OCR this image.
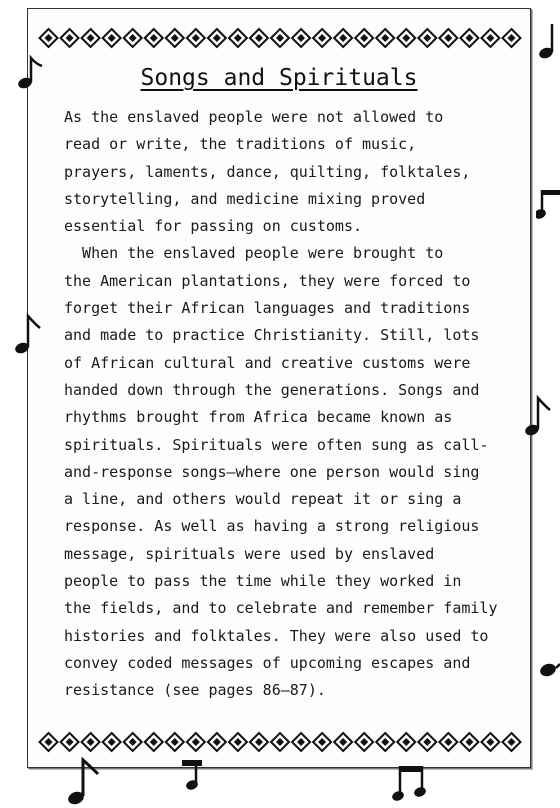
Songs and Spirituals
As the enslaved people were not allowed to
read or write, the traditions of music,
prayers, laments, dance, quilting, folktales,
storytelling, and medicine mixing proved
essential for passing on customs.
When the enslaved people were brought to
the American plantations, they were forced to
forget their African languages and traditions
and made to practice Christianity. Still, lots
of African cultural and creative customs were
handed down through the generations. Songs and
rhythms brought from Africa became known as
spirituals. Spirituals were often sung as call-
and-response songs—where one person would sing
a line, and others would repeat it or sing a
response. As well as having a strong religious
message, spirituals were used by enslaved
people to pass the time while they worked in
the fields, and to celebrate and remember family
histories and folktales. They were also used to
convey coded messages of upcoming escapes and
resistance (see pages 86–87).
